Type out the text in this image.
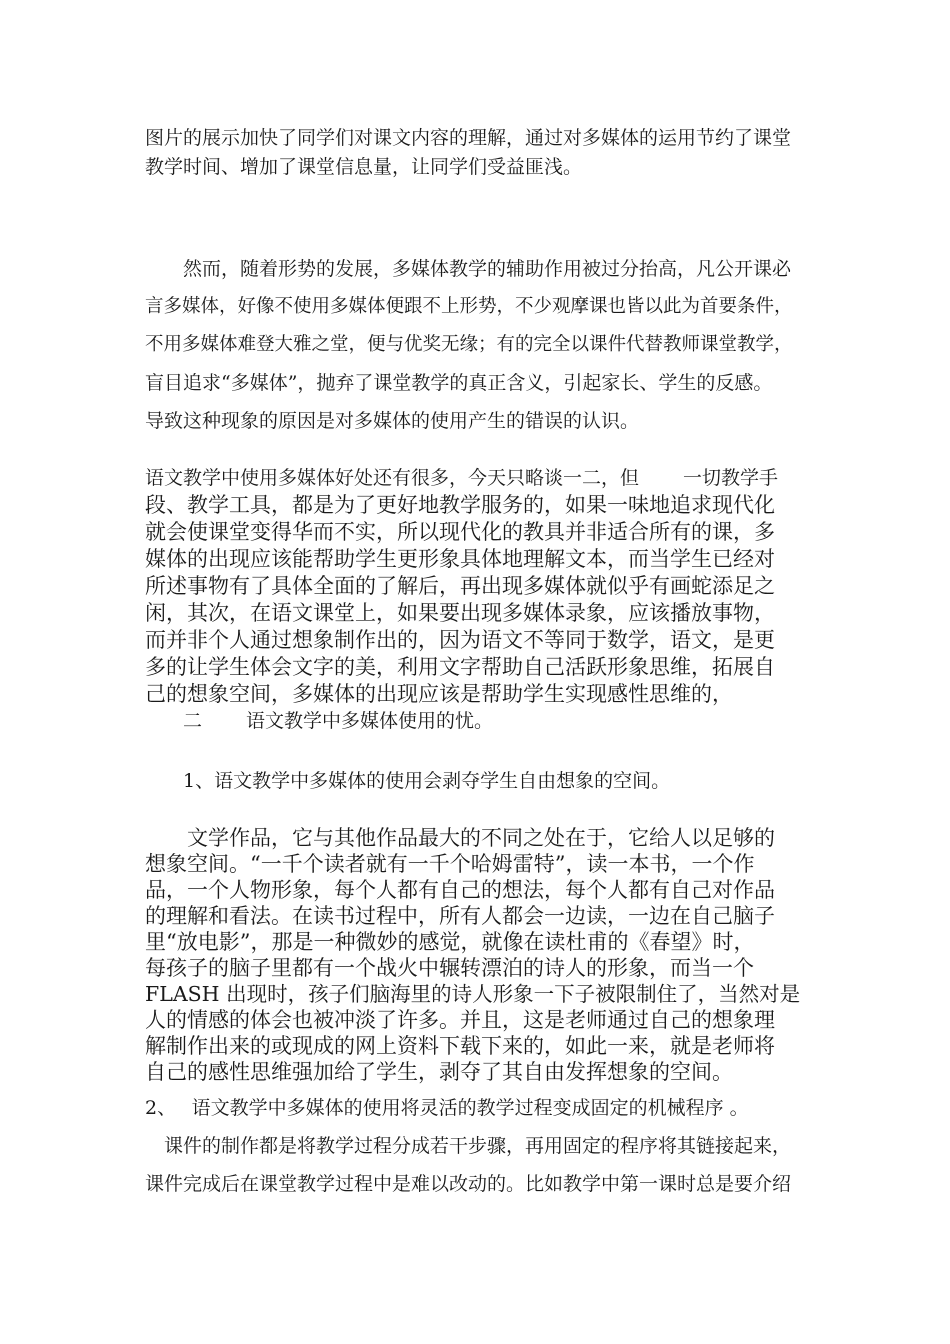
图片的展示加快了同学们对课文内容的理解，通过对多媒体的运用节约了课堂
教学时间、增加了课堂信息量，让同学们受益匪浅。
　　然而，随着形势的发展，多媒体教学的辅助作用被过分抬高，凡公开课必
言多媒体，好像不使用多媒体便跟不上形势，不少观摩课也皆以此为首要条件，
不用多媒体难登大雅之堂，便与优奖无缘；有的完全以课件代替教师课堂教学，
盲目追求“多媒体”，抛弃了课堂教学的真正含义，引起家长、学生的反感。
导致这种现象的原因是对多媒体的使用产生的错误的认识。
语文教学中使用多媒体好处还有很多，今天只略谈一二，但　　 一切教学手
段、教学工具，都是为了更好地教学服务的，如果一味地追求现代化
就会使课堂变得华而不实，所以现代化的教具并非适合所有的课，多
媒体的出现应该能帮助学生更形象具体地理解文本，而当学生已经对
所述事物有了具体全面的了解后，再出现多媒体就似乎有画蛇添足之
闲，其次，在语文课堂上，如果要出现多媒体录象，应该播放事物，
而并非个人通过想象制作出的，因为语文不等同于数学，语文，是更
多的让学生体会文字的美，利用文字帮助自己活跃形象思维，拓展自
己的想象空间，多媒体的出现应该是帮助学生实现感性思维的，
　　二　　 语文教学中多媒体使用的忧。
　　1、语文教学中多媒体的使用会剥夺学生自由想象的空间。
　　文学作品，它与其他作品最大的不同之处在于，它给人以足够的
想象空间。“一千个读者就有一千个哈姆雷特”，读一本书，一个作
品，一个人物形象，每个人都有自己的想法，每个人都有自己对作品
的理解和看法。在读书过程中，所有人都会一边读，一边在自己脑子
里“放电影”，那是一种微妙的感觉，就像在读杜甫的《春望》时，
每孩子的脑子里都有一个战火中辗转漂泊的诗人的形象，而当一个
FLASH 出现时，孩子们脑海里的诗人形象一下子被限制住了，当然对是
人的情感的体会也被冲淡了许多。并且，这是老师通过自己的想象理
解制作出来的或现成的网上资料下载下来的，如此一来，就是老师将
自己的感性思维强加给了学生，剥夺了其自由发挥想象的空间。
2、　 语文教学中多媒体的使用将灵活的教学过程变成固定的机械程序 。
　课件的制作都是将教学过程分成若干步骤，再用固定的程序将其链接起来，
课件完成后在课堂教学过程中是难以改动的。比如教学中第一课时总是要介绍
